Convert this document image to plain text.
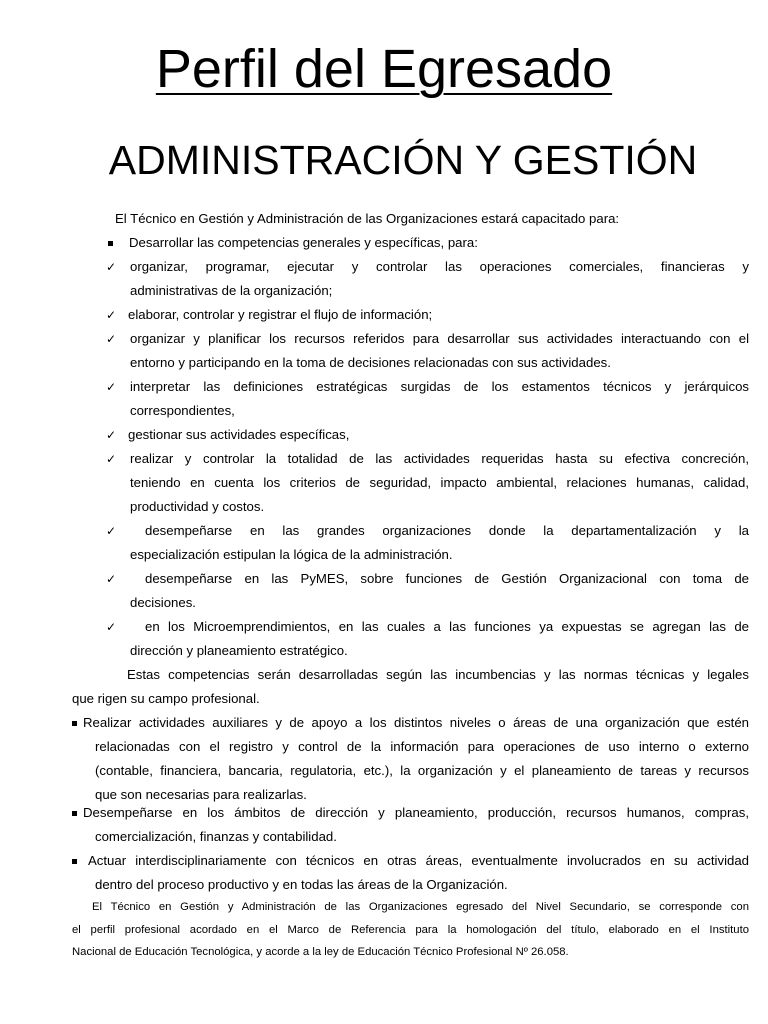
Perfil del Egresado
ADMINISTRACIÓN Y GESTIÓN
El Técnico en Gestión y Administración de las Organizaciones estará capacitado para:
Desarrollar las competencias generales y específicas, para:
✓ organizar, programar, ejecutar y controlar las operaciones comerciales, financieras y
administrativas de la organización;
✓ elaborar, controlar y registrar el flujo de información;
✓ organizar y planificar los recursos referidos para desarrollar sus actividades interactuando con el
entorno y participando en la toma de decisiones relacionadas con sus actividades.
✓ interpretar las definiciones estratégicas surgidas de los estamentos técnicos y jerárquicos
correspondientes,
✓ gestionar sus actividades específicas,
✓ realizar y controlar la totalidad de las actividades requeridas hasta su efectiva concreción,
teniendo en cuenta los criterios de seguridad, impacto ambiental, relaciones humanas, calidad,
productividad y costos.
✓ desempeñarse en las grandes organizaciones donde la departamentalización y la
especialización estipulan la lógica de la administración.
✓ desempeñarse en las PyMES, sobre funciones de Gestión Organizacional con toma de
decisiones.
✓ en los Microemprendimientos, en las cuales a las funciones ya expuestas se agregan las de
dirección y planeamiento estratégico.
Estas competencias serán desarrolladas según las incumbencias y las normas técnicas y legales
que rigen su campo profesional.
Realizar actividades auxiliares y de apoyo a los distintos niveles o áreas de una organización que estén
relacionadas con el registro y control de la información para operaciones de uso interno o externo
(contable, financiera, bancaria, regulatoria, etc.), la organización y el planeamiento de tareas y recursos
que son necesarias para realizarlas.
Desempeñarse en los ámbitos de dirección y planeamiento, producción, recursos humanos, compras,
comercialización, finanzas y contabilidad.
Actuar interdisciplinariamente con técnicos en otras áreas, eventualmente involucrados en su actividad
dentro del proceso productivo y en todas las áreas de la Organización.
El Técnico en Gestión y Administración de las Organizaciones egresado del Nivel Secundario, se corresponde con
el perfil profesional acordado en el Marco de Referencia para la homologación del título, elaborado en el Instituto
Nacional de Educación Tecnológica, y acorde a la ley de Educación Técnico Profesional Nº 26.058.
